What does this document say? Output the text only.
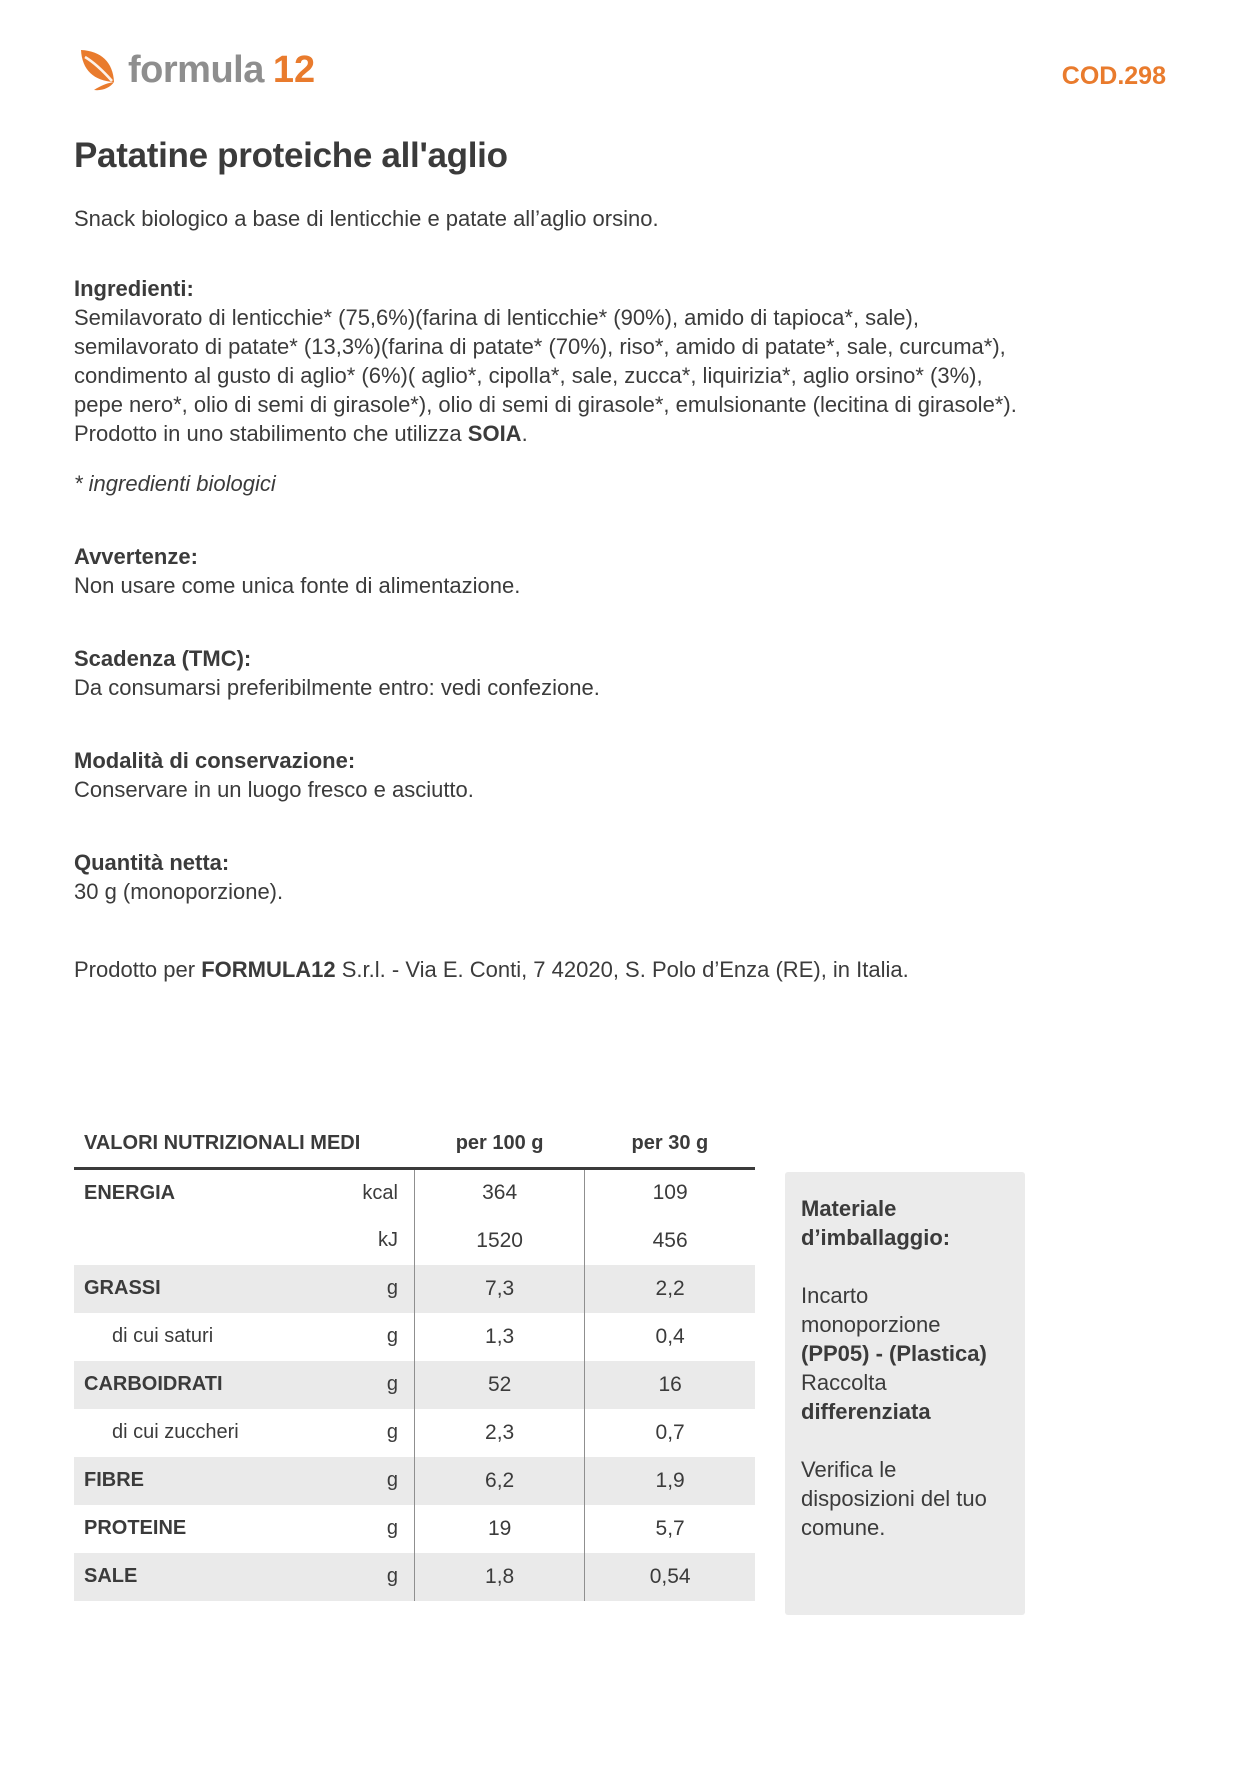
formula 12	COD.298
Patatine proteiche all'aglio

Snack biologico a base di lenticchie e patate all’aglio orsino.

Ingredienti:

Semilavorato di lenticchie* (75,6%)(farina di lenticchie* (90%), amido di tapioca*, sale), semilavorato di patate* (13,3%)(farina di patate* (70%), riso*, amido di patate*, sale, curcuma*), condimento al gusto di aglio* (6%)( aglio*, cipolla*, sale, zucca*, liquirizia*, aglio orsino* (3%), pepe nero*, olio di semi di girasole*), olio di semi di girasole*, emulsionante (lecitina di girasole*).
Prodotto in uno stabilimento che utilizza SOIA.

* ingredienti biologici

Avvertenze:

Non usare come unica fonte di alimentazione.

Scadenza (TMC):

Da consumarsi preferibilmente entro: vedi confezione.

Modalità di conservazione:

Conservare in un luogo fresco e asciutto.

Quantità netta:

30 g (monoporzione).

Prodotto per FORMULA12 S.r.l. - Via E. Conti, 7 42020, S. Polo d’Enza (RE), in Italia.

VALORI NUTRIZIONALI MEDI		per 100 g	per 30 g
ENERGIA	kcal	364	109
	kJ	1520	456
GRASSI	g	7,3	2,2
di cui saturi	g	1,3	0,4
CARBOIDRATI	g	52	16
di cui zuccheri	g	2,3	0,7
FIBRE	g	6,2	1,9
PROTEINE	g	19	5,7
SALE	g	1,8	0,54
Materiale d’imballaggio:

Incarto monoporzione (PP05) - (Plastica) Raccolta differenziata

Verifica le disposizioni del tuo comune.
